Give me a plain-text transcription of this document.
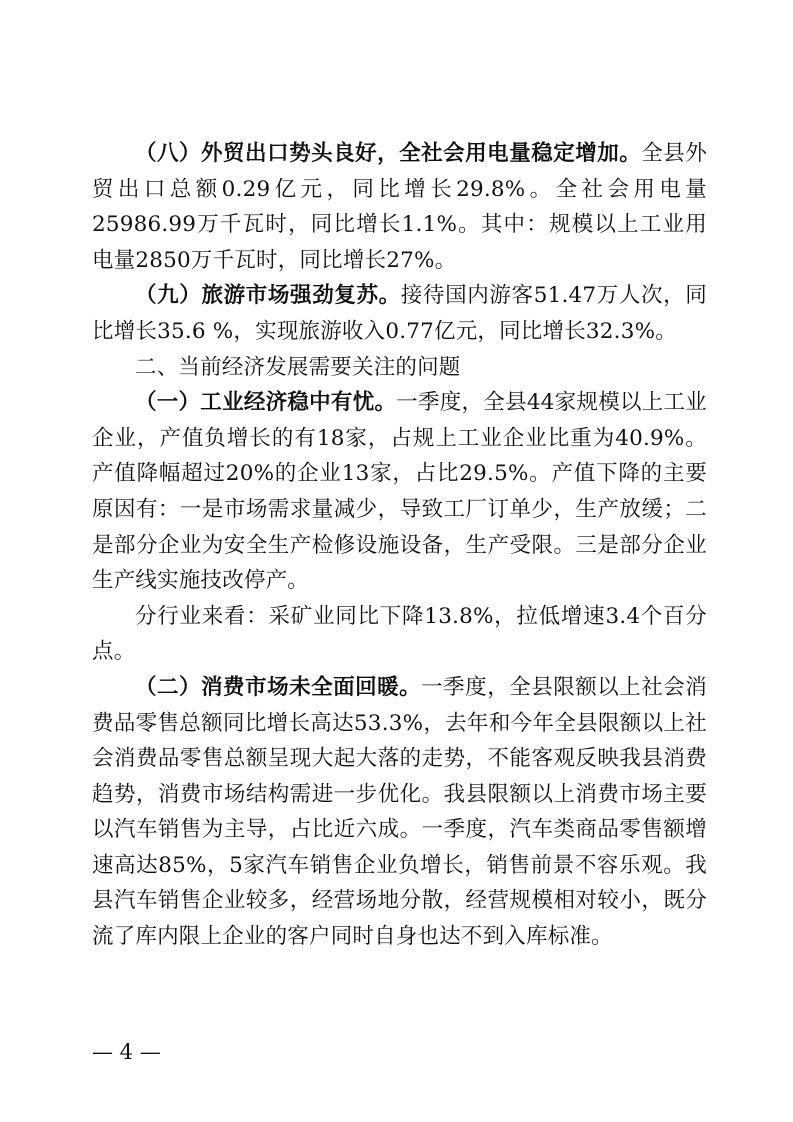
（八）外贸出口势头良好，全社会用电量稳定增加。全县外贸出口总额0.29亿元，同比增长29.8%。全社会用电量25986.99万千瓦时，同比增长1.1%。其中：规模以上工业用电量2850万千瓦时，同比增长27%。

（九）旅游市场强劲复苏。接待国内游客51.47万人次，同比增长35.6 %，实现旅游收入0.77亿元，同比增长32.3%。

二、当前经济发展需要关注的问题

（一）工业经济稳中有忧。一季度，全县44家规模以上工业企业，产值负增长的有18家，占规上工业企业比重为40.9%。产值降幅超过20%的企业13家，占比29.5%。产值下降的主要原因有：一是市场需求量减少，导致工厂订单少，生产放缓；二是部分企业为安全生产检修设施设备，生产受限。三是部分企业生产线实施技改停产。

分行业来看：采矿业同比下降13.8%，拉低增速3.4个百分点。

（二）消费市场未全面回暖。一季度，全县限额以上社会消费品零售总额同比增长高达53.3%，去年和今年全县限额以上社会消费品零售总额呈现大起大落的走势，不能客观反映我县消费趋势，消费市场结构需进一步优化。我县限额以上消费市场主要以汽车销售为主导，占比近六成。一季度，汽车类商品零售额增速高达85%，5家汽车销售企业负增长，销售前景不容乐观。我县汽车销售企业较多，经营场地分散，经营规模相对较小，既分流了库内限上企业的客户同时自身也达不到入库标准。

— 4 —
